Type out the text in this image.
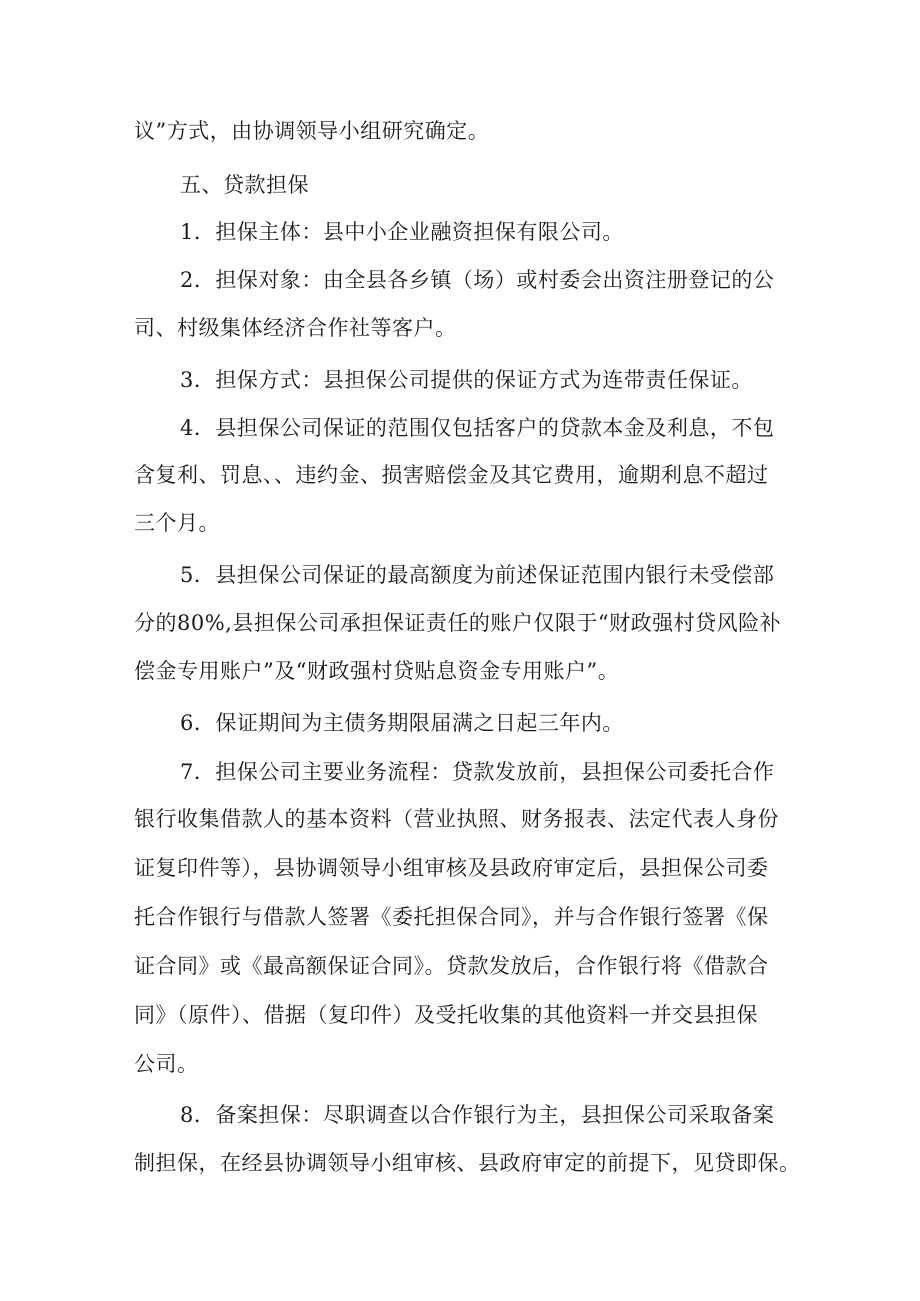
议”方式，由协调领导小组研究确定。
五、贷款担保
1．担保主体：县中小企业融资担保有限公司。
2．担保对象：由全县各乡镇（场）或村委会出资注册登记的公
司、村级集体经济合作社等客户。
3．担保方式：县担保公司提供的保证方式为连带责任保证。
4．县担保公司保证的范围仅包括客户的贷款本金及利息，不包
含复利、罚息、、违约金、损害赔偿金及其它费用，逾期利息不超过
三个月。
5．县担保公司保证的最高额度为前述保证范围内银行未受偿部
分的80%,县担保公司承担保证责任的账户仅限于“财政强村贷风险补
偿金专用账户”及“财政强村贷贴息资金专用账户”。
6．保证期间为主债务期限届满之日起三年内。
7．担保公司主要业务流程：贷款发放前，县担保公司委托合作
银行收集借款人的基本资料（营业执照、财务报表、法定代表人身份
证复印件等），县协调领导小组审核及县政府审定后，县担保公司委
托合作银行与借款人签署《委托担保合同》，并与合作银行签署《保
证合同》或《最高额保证合同》。贷款发放后，合作银行将《借款合
同》（原件）、借据（复印件）及受托收集的其他资料一并交县担保
公司。
8．备案担保：尽职调查以合作银行为主，县担保公司采取备案
制担保，在经县协调领导小组审核、县政府审定的前提下，见贷即保。
